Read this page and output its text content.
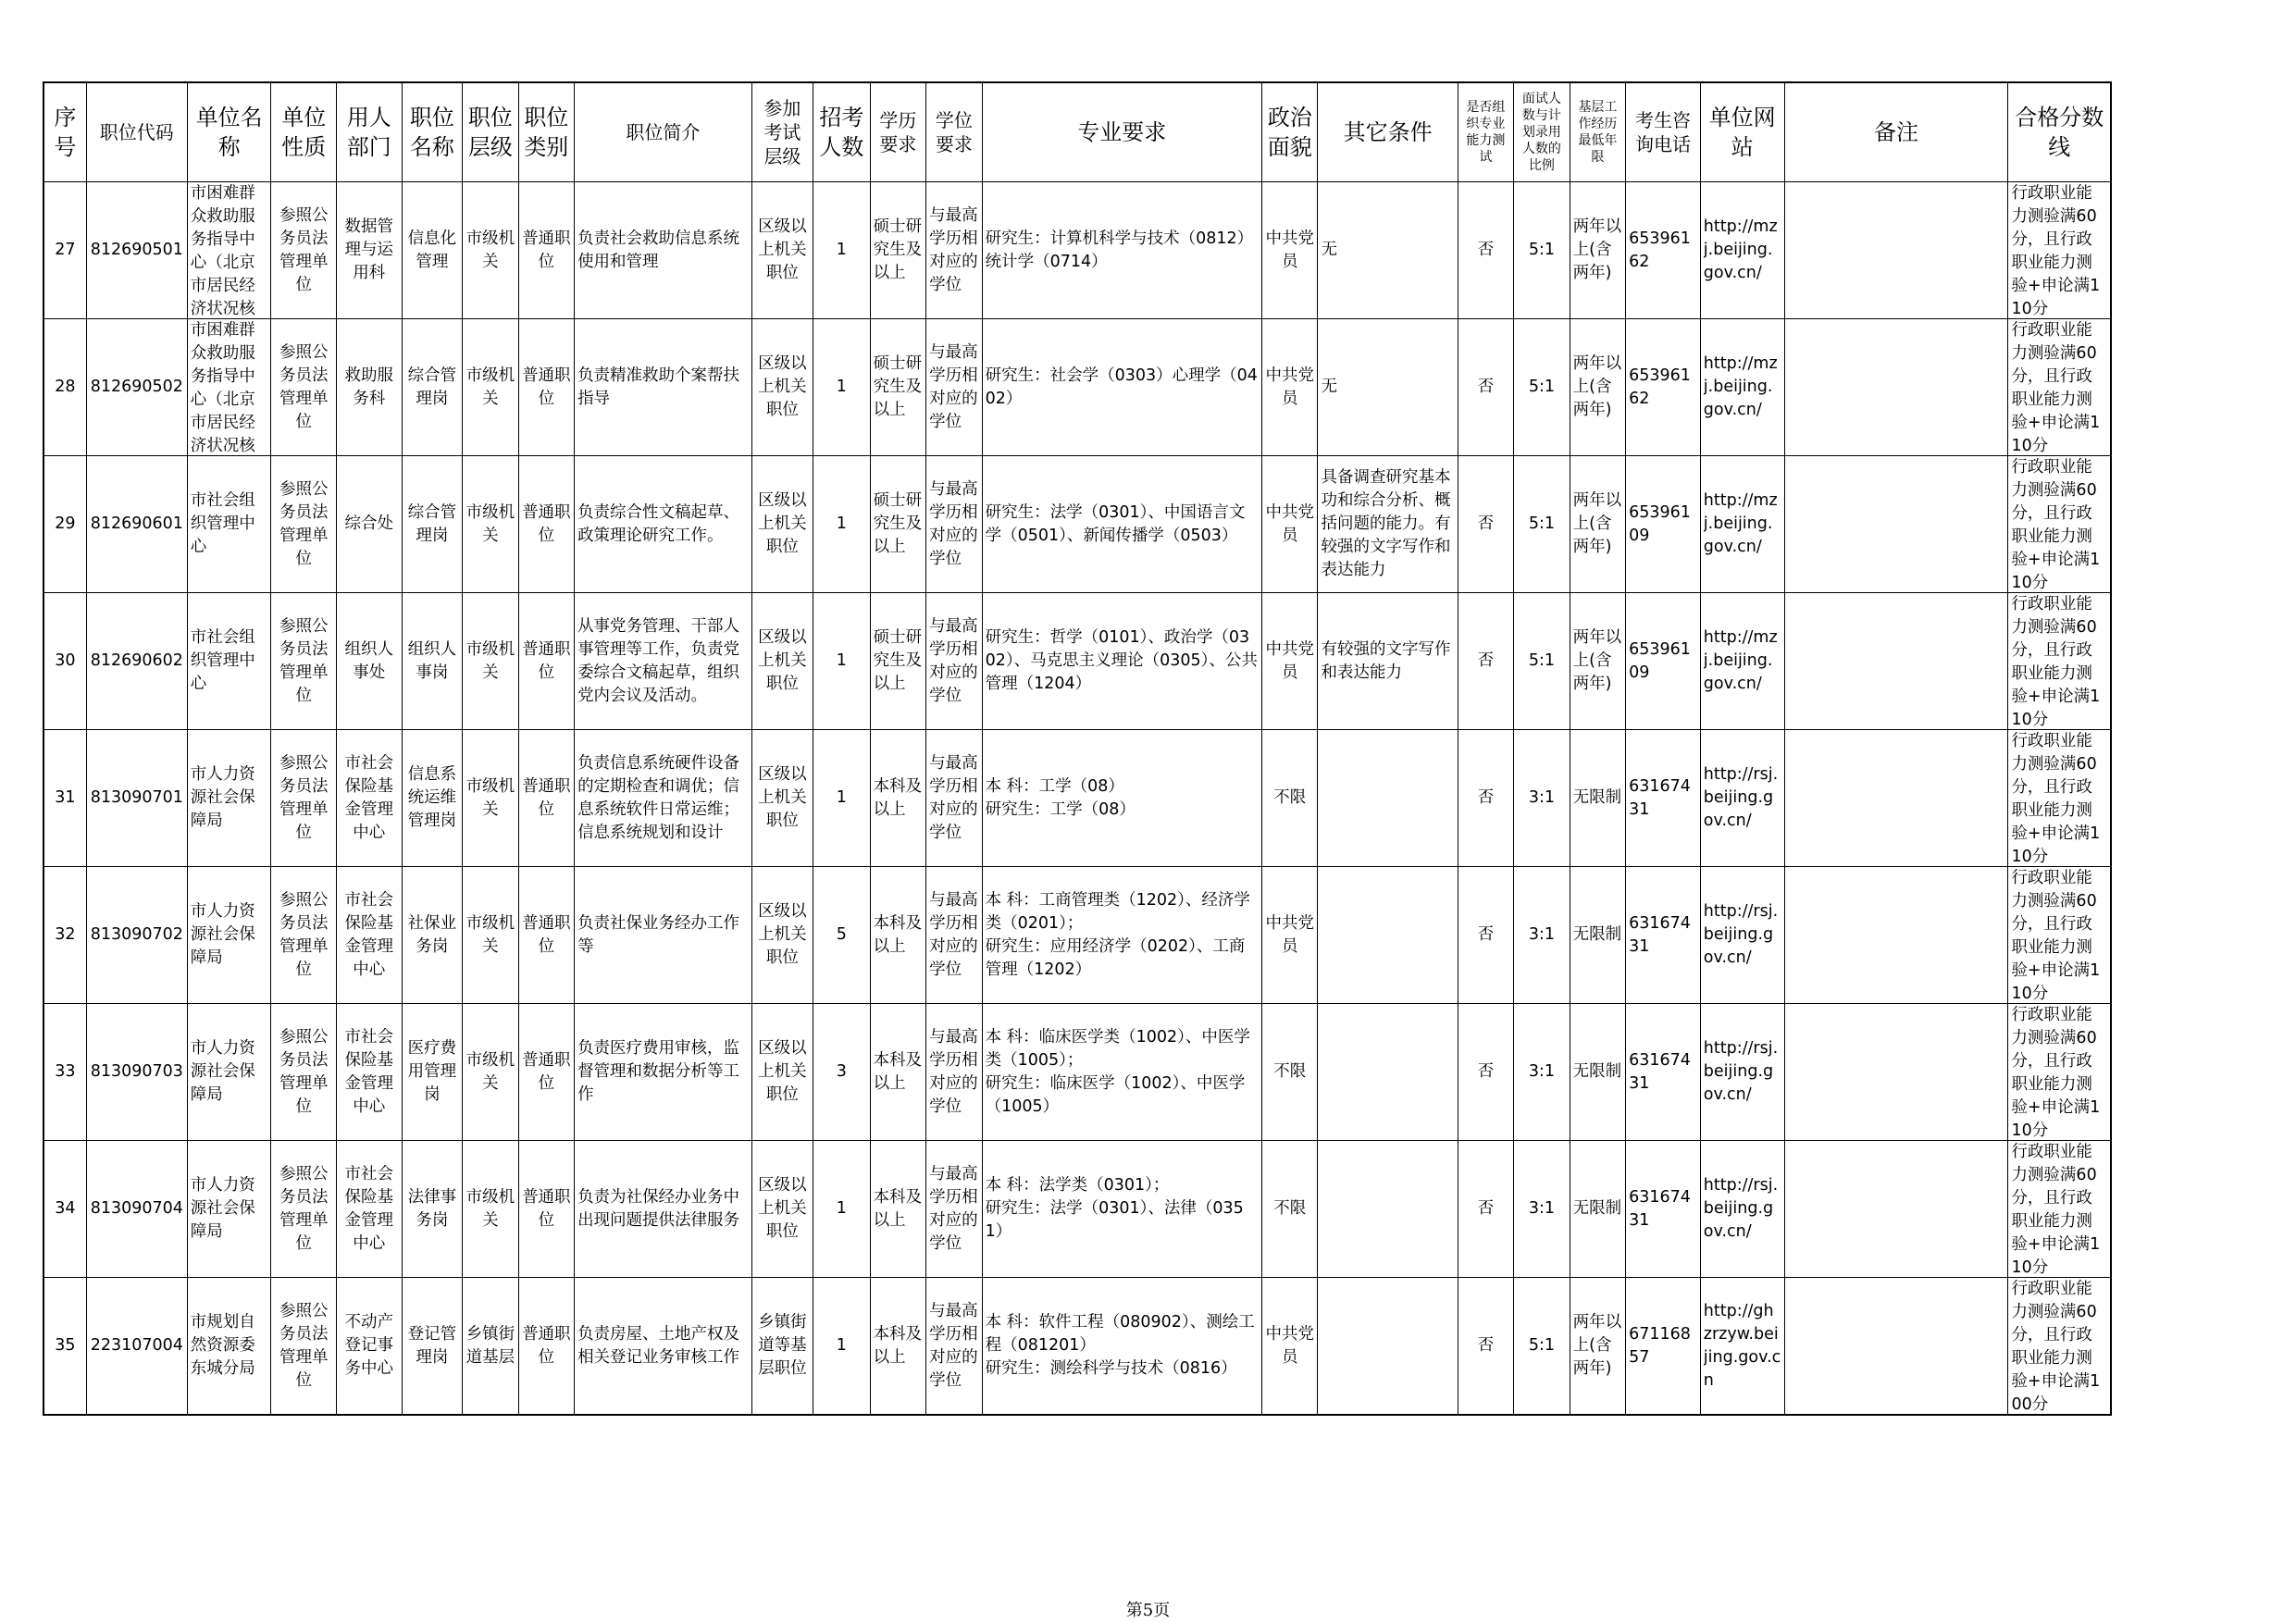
序号	职位代码	单位名称	单位性质	用人部门	职位名称	职位层级	职位类别	职位简介	参加考试层级	招考人数	学历要求	学位要求	专业要求	政治面貌	其它条件	是否组织专业能力测试	面试人数与计划录用人数的比例	基层工作经历最低年限	考生咨询电话	单位网站	备注	合格分数线

27	812690501	市困难群众救助服务指导中心（北京市居民经济状况核	参照公务员法管理单位	数据管理与运用科	信息化管理	市级机关	普通职位	负责社会救助信息系统使用和管理	区级以上机关职位	1	硕士研究生及以上	与最高学历相对应的学位	研究生：计算机科学与技术（0812）统计学（0714）	中共党员	无	否	5:1	两年以上(含两年)	65396162	http://mzj.beijing.gov.cn/		行政职业能力测验满60分，且行政职业能力测验+申论满110分

28	812690502	市困难群众救助服务指导中心（北京市居民经济状况核	参照公务员法管理单位	救助服务科	综合管理岗	市级机关	普通职位	负责精准救助个案帮扶指导	区级以上机关职位	1	硕士研究生及以上	与最高学历相对应的学位	研究生：社会学（0303）心理学（0402）	中共党员	无	否	5:1	两年以上(含两年)	65396162	http://mzj.beijing.gov.cn/		行政职业能力测验满60分，且行政职业能力测验+申论满110分

29	812690601	市社会组织管理中心	参照公务员法管理单位	综合处	综合管理岗	市级机关	普通职位	负责综合性文稿起草、政策理论研究工作。	区级以上机关职位	1	硕士研究生及以上	与最高学历相对应的学位	研究生：法学（0301）、中国语言文学（0501）、新闻传播学（0503）	中共党员	具备调查研究基本功和综合分析、概括问题的能力。有较强的文字写作和表达能力	否	5:1	两年以上(含两年)	65396109	http://mzj.beijing.gov.cn/		行政职业能力测验满60分，且行政职业能力测验+申论满110分

30	812690602	市社会组织管理中心	参照公务员法管理单位	组织人事处	组织人事岗	市级机关	普通职位	从事党务管理、干部人事管理等工作，负责党委综合文稿起草，组织党内会议及活动。	区级以上机关职位	1	硕士研究生及以上	与最高学历相对应的学位	研究生：哲学（0101）、政治学（0302）、马克思主义理论（0305）、公共管理（1204）	中共党员	有较强的文字写作和表达能力	否	5:1	两年以上(含两年)	65396109	http://mzj.beijing.gov.cn/		行政职业能力测验满60分，且行政职业能力测验+申论满110分

31	813090701	市人力资源社会保障局	参照公务员法管理单位	市社会保险基金管理中心	信息系统运维管理岗	市级机关	普通职位	负责信息系统硬件设备的定期检查和调优；信息系统软件日常运维；信息系统规划和设计	区级以上机关职位	1	本科及以上	与最高学历相对应的学位	本 科：工学（08）
研究生：工学（08）	不限		否	3:1	无限制	63167431	http://rsj.beijing.gov.cn/		行政职业能力测验满60分，且行政职业能力测验+申论满110分

32	813090702	市人力资源社会保障局	参照公务员法管理单位	市社会保险基金管理中心	社保业务岗	市级机关	普通职位	负责社保业务经办工作等	区级以上机关职位	5	本科及以上	与最高学历相对应的学位	本 科：工商管理类（1202）、经济学类（0201）；
研究生：应用经济学（0202）、工商管理（1202）	中共党员		否	3:1	无限制	63167431	http://rsj.beijing.gov.cn/		行政职业能力测验满60分，且行政职业能力测验+申论满110分

33	813090703	市人力资源社会保障局	参照公务员法管理单位	市社会保险基金管理中心	医疗费用管理岗	市级机关	普通职位	负责医疗费用审核，监督管理和数据分析等工作	区级以上机关职位	3	本科及以上	与最高学历相对应的学位	本 科：临床医学类（1002）、中医学类（1005）；
研究生：临床医学（1002）、中医学（1005）	不限		否	3:1	无限制	63167431	http://rsj.beijing.gov.cn/		行政职业能力测验满60分，且行政职业能力测验+申论满110分

34	813090704	市人力资源社会保障局	参照公务员法管理单位	市社会保险基金管理中心	法律事务岗	市级机关	普通职位	负责为社保经办业务中出现问题提供法律服务	区级以上机关职位	1	本科及以上	与最高学历相对应的学位	本 科：法学类（0301）；
研究生：法学（0301）、法律（0351）	不限		否	3:1	无限制	63167431	http://rsj.beijing.gov.cn/		行政职业能力测验满60分，且行政职业能力测验+申论满110分

35	223107004	市规划自然资源委东城分局	参照公务员法管理单位	不动产登记事务中心	登记管理岗	乡镇街道基层	普通职位	负责房屋、土地产权及相关登记业务审核工作	乡镇街道等基层职位	1	本科及以上	与最高学历相对应的学位	本 科：软件工程（080902）、测绘工程（081201）
研究生：测绘科学与技术（0816）	中共党员		否	5:1	两年以上(含两年)	67116857	http://ghzrzyw.beijing.gov.cn		行政职业能力测验满60分，且行政职业能力测验+申论满100分
第5页
